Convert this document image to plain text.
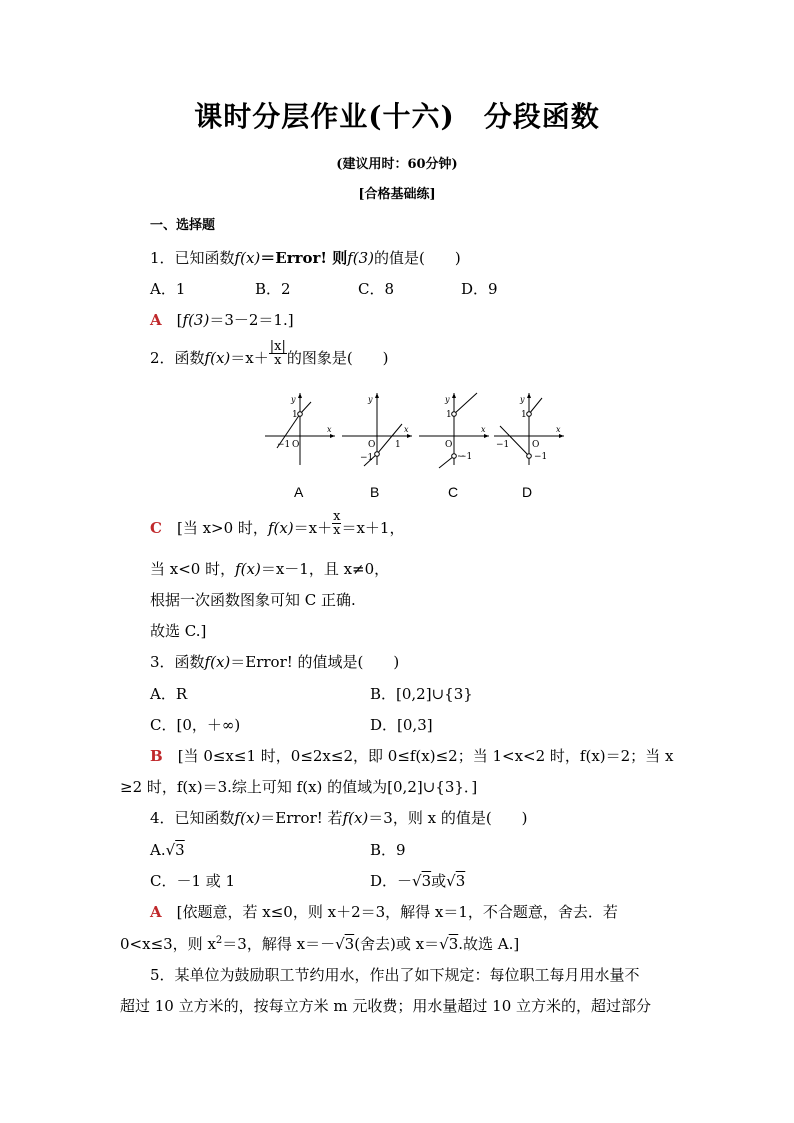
课时分层作业(十六)　分段函数
(建议用时：60分钟)
[合格基础练]
一、选择题
1．已知函数f(x)＝Error! 则f(3)的值是(　　)
A．1	B．2	C．8	D．9
A　 [f(3)＝3－2＝1.]
2．函数$f(x)=x+ \frac{|x|}{x}$ 的图象是(　　)
y
1
−1 O
x
y
O 1
−1
x
y
1
O
−1
x
y
1
−1	O
−1
x
A	B	C	D
C　 [当 x>0 时，$f(x)=x+ \frac{x}{x} =x+1$，
当 x<0 时，f(x)＝x－1，且 x≠0，
根据一次函数图象可知 C 正确.
故选 C.]
3．函数f(x)＝Error! 的值域是(　　)
A．R	B．[0,2]∪{3}
C．[0，＋∞)	D．[0,3]
B　 [当 0≤x≤1 时，0≤2x≤2，即 0≤f(x)≤2；当 1<x<2 时，f(x)＝2；当 x
≥2 时，f(x)＝3.综上可知 f(x) 的值域为[0,2]∪{3}．]
4．已知函数f(x)＝Error! 若f(x)＝3，则 x 的值是(　　)
A.√3	B．9
C．－1 或 1	D．－√3或√3
A　 [依题意，若 x≤0，则 x＋2＝3，解得 x＝1，不合题意，舍去．若
0<x≤3，则 $x^2=3$，解得 x＝－√3(舍去)或 x＝√3.故选 A.]
5．某单位为鼓励职工节约用水，作出了如下规定：每位职工每月用水量不
超过 10 立方米的，按每立方米 m 元收费；用水量超过 10 立方米的，超过部分
